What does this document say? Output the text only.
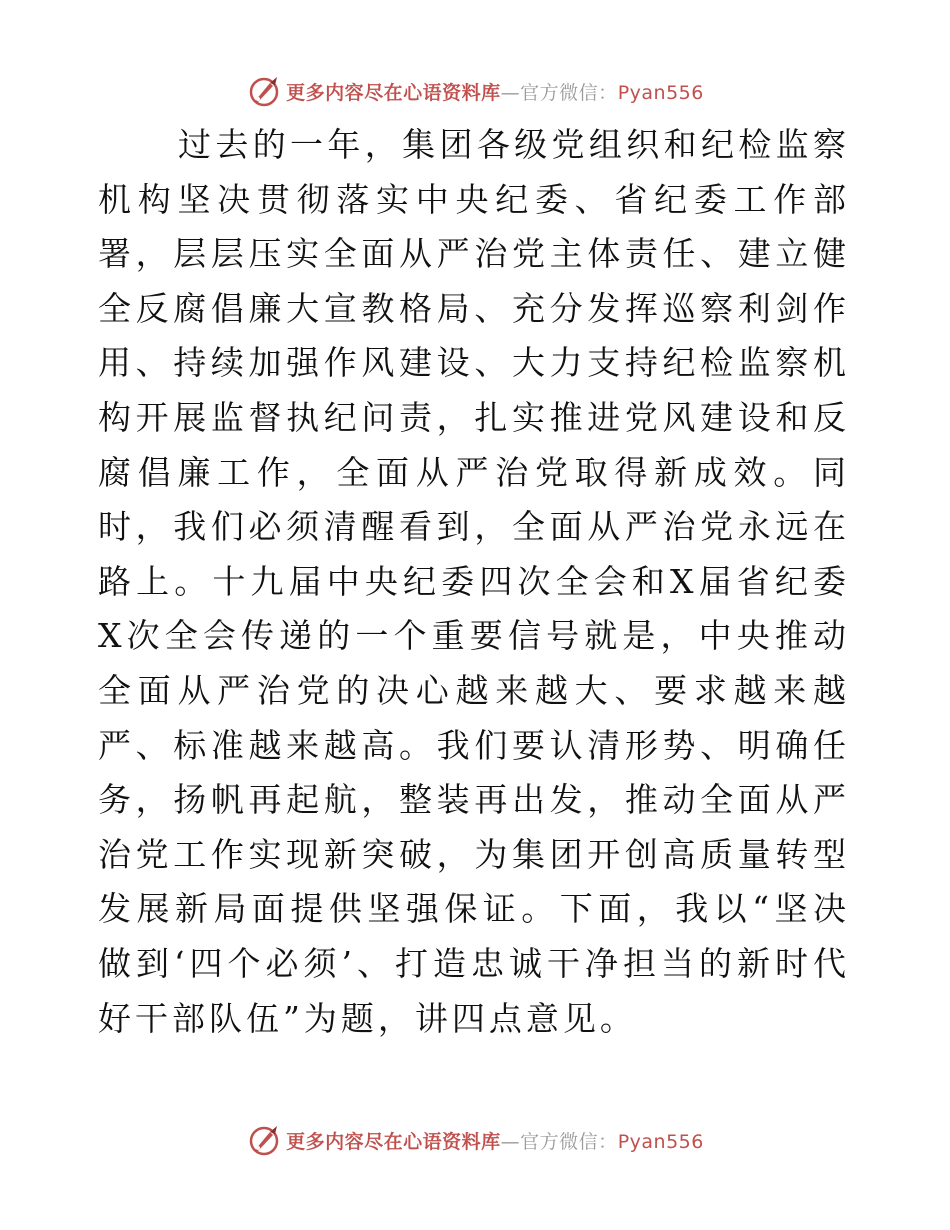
更多内容尽在心语资料库—官方微信：Pyan556

过去的一年，集团各级党组织和纪检监察机构坚决贯彻落实中央纪委、省纪委工作部署，层层压实全面从严治党主体责任、建立健全反腐倡廉大宣教格局、充分发挥巡察利剑作用、持续加强作风建设、大力支持纪检监察机构开展监督执纪问责，扎实推进党风建设和反腐倡廉工作，全面从严治党取得新成效。同时，我们必须清醒看到，全面从严治党永远在路上。十九届中央纪委四次全会和X届省纪委X次全会传递的一个重要信号就是，中央推动全面从严治党的决心越来越大、要求越来越严、标准越来越高。我们要认清形势、明确任务，扬帆再起航，整装再出发，推动全面从严治党工作实现新突破，为集团开创高质量转型发展新局面提供坚强保证。下面，我以“坚决做到‘四个必须’、打造忠诚干净担当的新时代好干部队伍”为题，讲四点意见。

更多内容尽在心语资料库—官方微信：Pyan556
